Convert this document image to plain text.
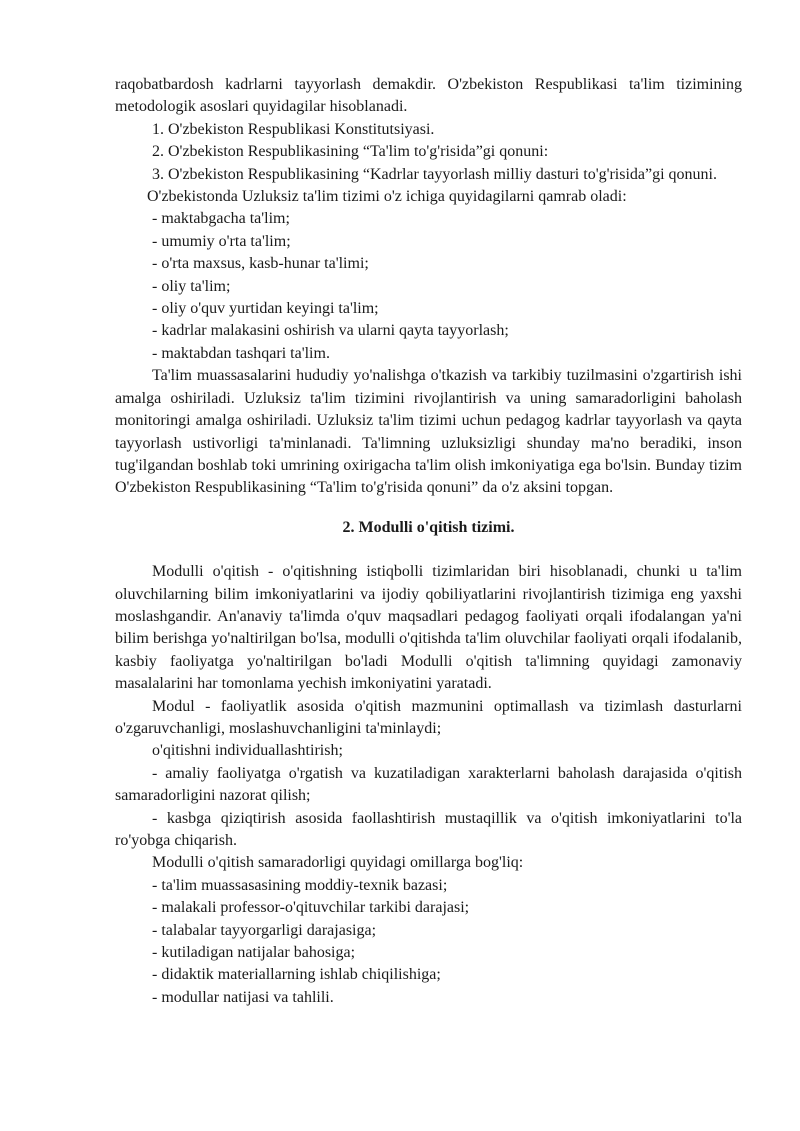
raqobatbardosh kadrlarni tayyorlash demakdir. O'zbekiston Respublikasi ta'lim tizimining metodologik asoslari quyidagilar hisoblanadi.

1. O'zbekiston Respublikasi Konstitutsiyasi.

2. O'zbekiston Respublikasining “Ta'lim to'g'risida”gi qonuni:

3. O'zbekiston Respublikasining “Kadrlar tayyorlash milliy dasturi to'g'risida”gi qonuni.

O'zbekistonda Uzluksiz ta'lim tizimi o'z ichiga quyidagilarni qamrab oladi:

- maktabgacha ta'lim;

- umumiy o'rta ta'lim;

- o'rta maxsus, kasb-hunar ta'limi;

- oliy ta'lim;

- oliy o'quv yurtidan keyingi ta'lim;

- kadrlar malakasini oshirish va ularni qayta tayyorlash;

- maktabdan tashqari ta'lim.

Ta'lim muassasalarini hududiy yo'nalishga o'tkazish va tarkibiy tuzilmasini o'zgartirish ishi amalga oshiriladi. Uzluksiz ta'lim tizimini rivojlantirish va uning samaradorligini baholash monitoringi amalga oshiriladi. Uzluksiz ta'lim tizimi uchun pedagog kadrlar tayyorlash va qayta tayyorlash ustivorligi ta'minlanadi. Ta'limning uzluksizligi shunday ma'no beradiki, inson tug'ilgandan boshlab toki umrining oxirigacha ta'lim olish imkoniyatiga ega bo'lsin. Bunday tizim O'zbekiston Respublikasining “Ta'lim to'g'risida qonuni” da o'z aksini topgan.

2. Modulli o'qitish tizimi.

Modulli o'qitish - o'qitishning istiqbolli tizimlaridan biri hisoblanadi, chunki u ta'lim oluvchilarning bilim imkoniyatlarini va ijodiy qobiliyatlarini rivojlantirish tizimiga eng yaxshi moslashgandir. An'anaviy ta'limda o'quv maqsadlari pedagog faoliyati orqali ifodalangan ya'ni bilim berishga yo'naltirilgan bo'lsa, modulli o'qitishda ta'lim oluvchilar faoliyati orqali ifodalanib, kasbiy faoliyatga yo'naltirilgan bo'ladi Modulli o'qitish ta'limning quyidagi zamonaviy masalalarini har tomonlama yechish imkoniyatini yaratadi.

Modul - faoliyatlik asosida o'qitish mazmunini optimallash va tizimlash dasturlarni o'zgaruvchanligi, moslashuvchanligini ta'minlaydi;

o'qitishni individuallashtirish;

- amaliy faoliyatga o'rgatish va kuzatiladigan xarakterlarni baholash darajasida o'qitish samaradorligini nazorat qilish;

- kasbga qiziqtirish asosida faollashtirish mustaqillik va o'qitish imkoniyatlarini to'la ro'yobga chiqarish.

Modulli o'qitish samaradorligi quyidagi omillarga bog'liq:

- ta'lim muassasasining moddiy-texnik bazasi;

- malakali professor-o'qituvchilar tarkibi darajasi;

- talabalar tayyorgarligi darajasiga;

- kutiladigan natijalar bahosiga;

- didaktik materiallarning ishlab chiqilishiga;

- modullar natijasi va tahlili.
